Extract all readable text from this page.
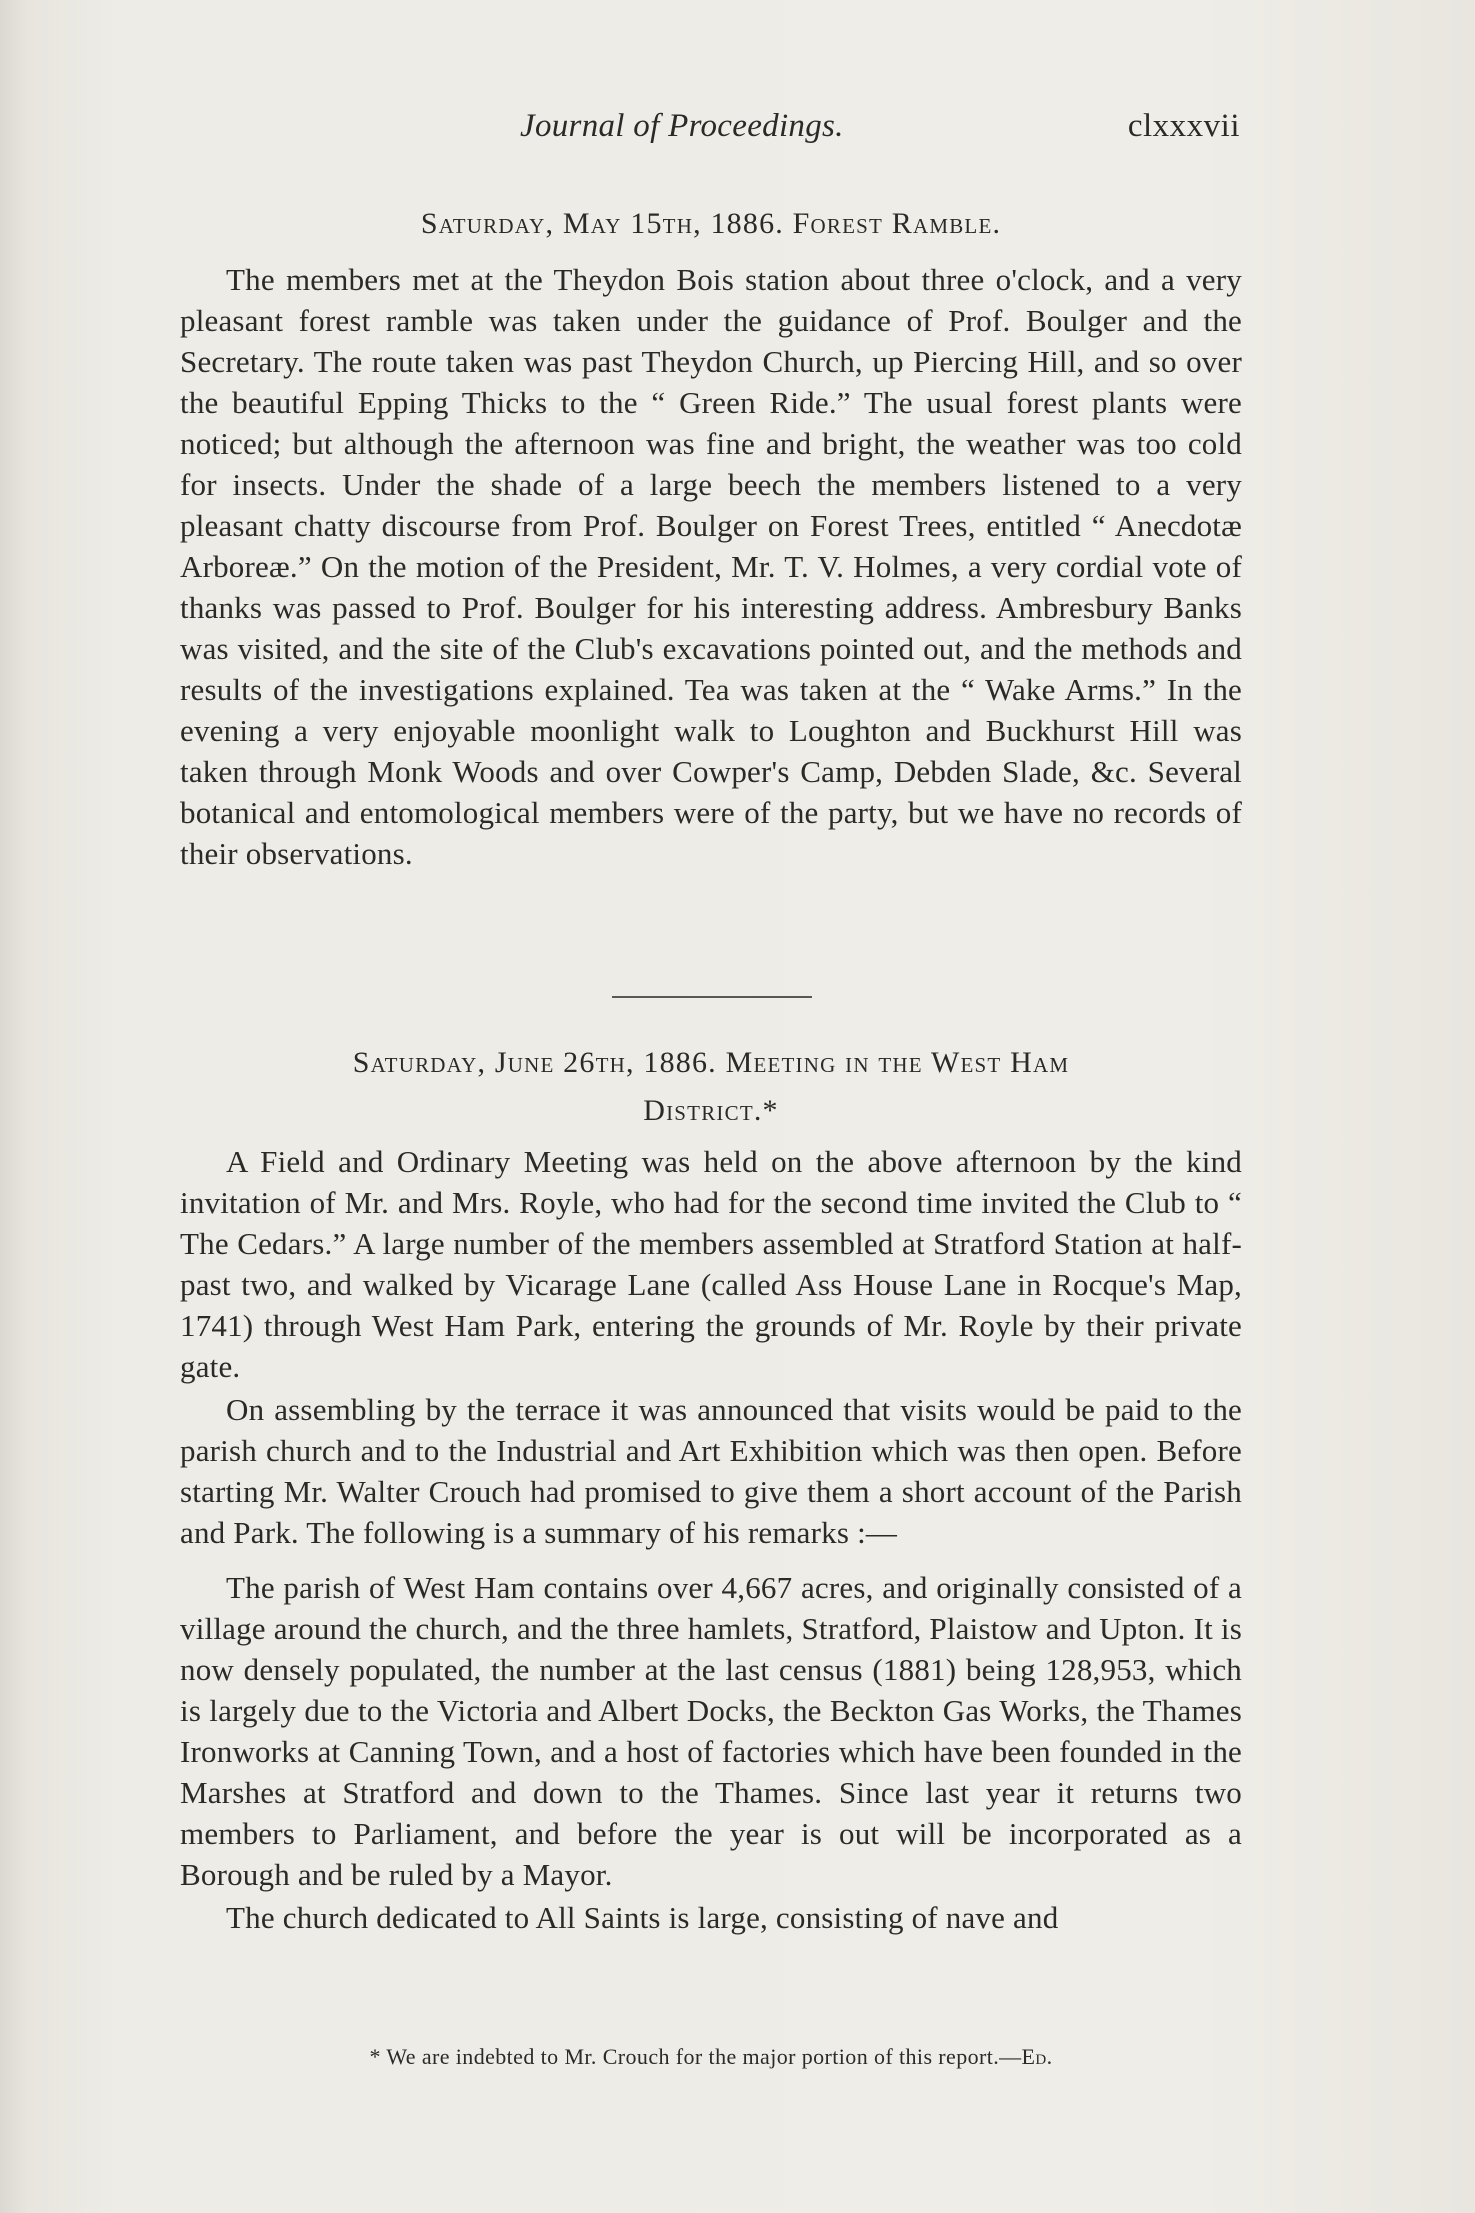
Journal of Proceedings.	clxxxvii
Saturday, May 15th, 1886. Forest Ramble.

The members met at the Theydon Bois station about three o'clock, and a very pleasant forest ramble was taken under the guidance of Prof. Boulger and the Secretary. The route taken was past Theydon Church, up Piercing Hill, and so over the beautiful Epping Thicks to the “ Green Ride.” The usual forest plants were noticed; but although the afternoon was fine and bright, the weather was too cold for insects. Under the shade of a large beech the members listened to a very pleasant chatty discourse from Prof. Boulger on Forest Trees, entitled “ Anecdotæ Arboreæ.” On the motion of the President, Mr. T. V. Holmes, a very cordial vote of thanks was passed to Prof. Boulger for his interesting address. Ambresbury Banks was visited, and the site of the Club's excavations pointed out, and the methods and results of the investigations explained. Tea was taken at the “ Wake Arms.” In the evening a very enjoyable moonlight walk to Loughton and Buckhurst Hill was taken through Monk Woods and over Cowper's Camp, Debden Slade, &c. Several botanical and entomological members were of the party, but we have no records of their observations.

Saturday, June 26th, 1886. Meeting in the West Ham
District.*

A Field and Ordinary Meeting was held on the above afternoon by the kind invitation of Mr. and Mrs. Royle, who had for the second time invited the Club to “ The Cedars.” A large number of the members assembled at Stratford Station at half-past two, and walked by Vicarage Lane (called Ass House Lane in Rocque's Map, 1741) through West Ham Park, entering the grounds of Mr. Royle by their private gate.

On assembling by the terrace it was announced that visits would be paid to the parish church and to the Industrial and Art Exhibition which was then open. Before starting Mr. Walter Crouch had promised to give them a short account of the Parish and Park. The following is a summary of his remarks :—

The parish of West Ham contains over 4,667 acres, and originally consisted of a village around the church, and the three hamlets, Stratford, Plaistow and Upton. It is now densely populated, the number at the last census (1881) being 128,953, which is largely due to the Victoria and Albert Docks, the Beckton Gas Works, the Thames Ironworks at Canning Town, and a host of factories which have been founded in the Marshes at Stratford and down to the Thames. Since last year it returns two members to Parliament, and before the year is out will be incorporated as a Borough and be ruled by a Mayor.

The church dedicated to All Saints is large, consisting of nave and

* We are indebted to Mr. Crouch for the major portion of this report.—Ed.
